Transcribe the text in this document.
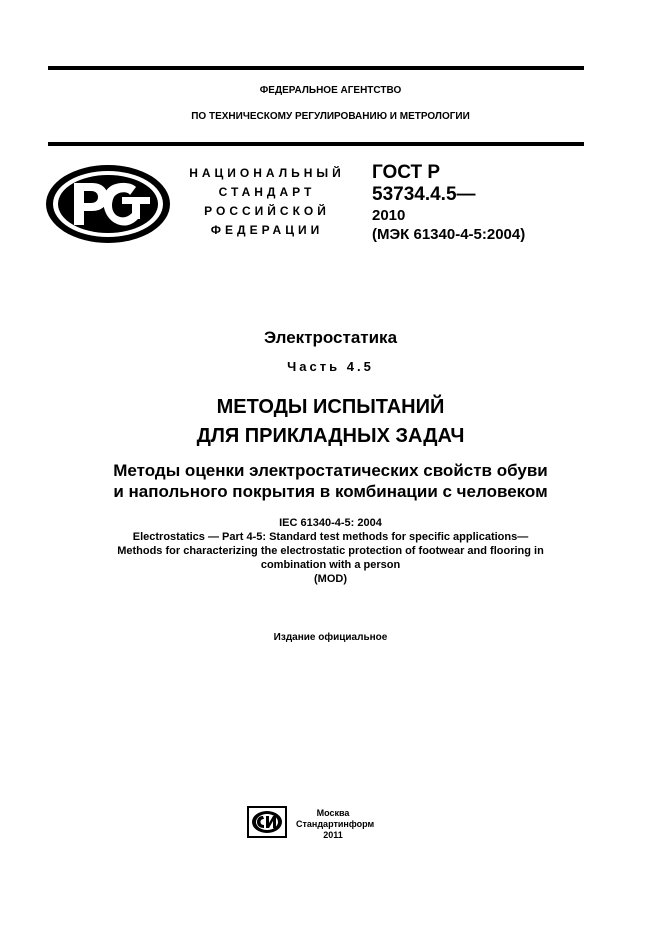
ФЕДЕРАЛЬНОЕ АГЕНТСТВО
ПО ТЕХНИЧЕСКОМУ РЕГУЛИРОВАНИЮ И МЕТРОЛОГИИ
НАЦИОНАЛЬНЫЙ
СТАНДАРТ
РОССИЙСКОЙ
ФЕДЕРАЦИИ
ГОСТ Р
53734.4.5—
2010
(МЭК 61340-4-5:2004)
Электростатика
Часть 4.5
МЕТОДЫ ИСПЫТАНИЙ
ДЛЯ ПРИКЛАДНЫХ ЗАДАЧ
Методы оценки электростатических свойств обуви
и напольного покрытия в комбинации с человеком
IEC 61340-4-5: 2004
Electrostatics — Part 4-5: Standard test methods for specific applications—
Methods for characterizing the electrostatic protection of footwear and flooring in
combination with a person
(MOD)
Издание официальное
Москва
Стандартинформ
2011
